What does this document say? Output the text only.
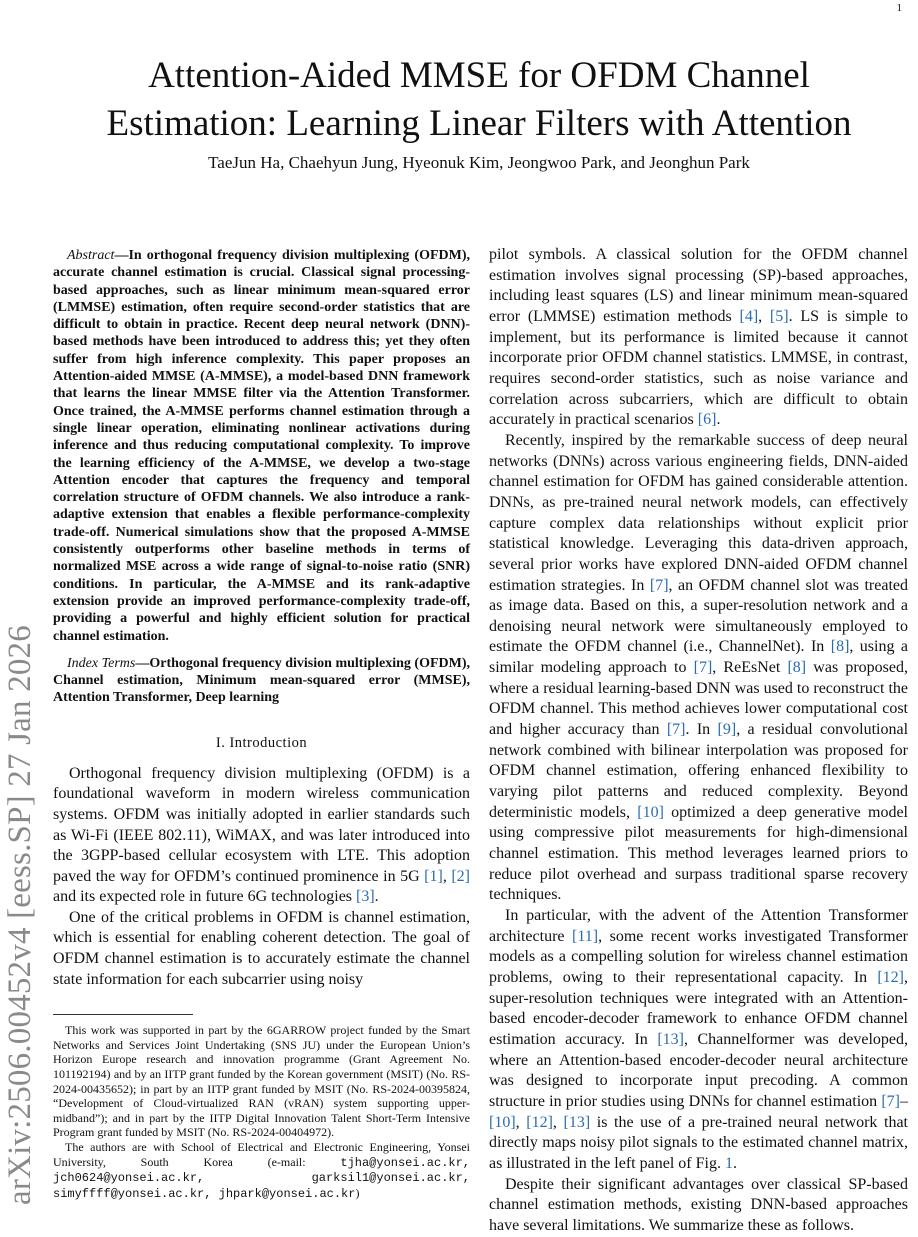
1
arXiv:2506.00452v4 [eess.SP] 27 Jan 2026
Attention-Aided MMSE for OFDM Channel
Estimation: Learning Linear Filters with Attention
TaeJun Ha, Chaehyun Jung, Hyeonuk Kim, Jeongwoo Park, and Jeonghun Park

Abstract—In orthogonal frequency division multiplexing (OFDM), accurate channel estimation is crucial. Classical signal processing-based approaches, such as linear minimum mean-squared error (LMMSE) estimation, often require second-order statistics that are difficult to obtain in practice. Recent deep neural network (DNN)-based methods have been introduced to address this; yet they often suffer from high inference complexity. This paper proposes an Attention-aided MMSE (A-MMSE), a model-based DNN framework that learns the linear MMSE filter via the Attention Transformer. Once trained, the A-MMSE performs channel estimation through a single linear operation, eliminating nonlinear activations during inference and thus reducing computational complexity. To improve the learning efficiency of the A-MMSE, we develop a two-stage Attention encoder that captures the frequency and temporal correlation structure of OFDM channels. We also introduce a rank-adaptive extension that enables a flexible performance-complexity trade-off. Numerical simulations show that the proposed A-MMSE consistently outperforms other baseline methods in terms of normalized MSE across a wide range of signal-to-noise ratio (SNR) conditions. In particular, the A-MMSE and its rank-adaptive extension provide an improved performance-complexity trade-off, providing a powerful and highly efficient solution for practical channel estimation.

Index Terms—Orthogonal frequency division multiplexing (OFDM), Channel estimation, Minimum mean-squared error (MMSE), Attention Transformer, Deep learning

I. Introduction

Orthogonal frequency division multiplexing (OFDM) is a foundational waveform in modern wireless communication systems. OFDM was initially adopted in earlier standards such as Wi-Fi (IEEE 802.11), WiMAX, and was later introduced into the 3GPP-based cellular ecosystem with LTE. This adoption paved the way for OFDM’s continued prominence in 5G [1], [2] and its expected role in future 6G technologies [3].

One of the critical problems in OFDM is channel estimation, which is essential for enabling coherent detection. The goal of OFDM channel estimation is to accurately estimate the channel state information for each subcarrier using noisy

This work was supported in part by the 6GARROW project funded by the Smart Networks and Services Joint Undertaking (SNS JU) under the European Union’s Horizon Europe research and innovation programme (Grant Agreement No. 101192194) and by an IITP grant funded by the Korean government (MSIT) (No. RS-2024-00435652); in part by an IITP grant funded by MSIT (No. RS-2024-00395824, “Development of Cloud-virtualized RAN (vRAN) system supporting upper-midband”); and in part by the IITP Digital Innovation Talent Short-Term Intensive Program grant funded by MSIT (No. RS-2024-00404972).

The authors are with School of Electrical and Electronic Engineering, Yonsei University, South Korea (e-mail: tjha@yonsei.ac.kr, jch0624@yonsei.ac.kr, garksil1@yonsei.ac.kr, simyffff@yonsei.ac.kr, jhpark@yonsei.ac.kr)

pilot symbols. A classical solution for the OFDM channel estimation involves signal processing (SP)-based approaches, including least squares (LS) and linear minimum mean-squared error (LMMSE) estimation methods [4], [5]. LS is simple to implement, but its performance is limited because it cannot incorporate prior OFDM channel statistics. LMMSE, in contrast, requires second-order statistics, such as noise variance and correlation across subcarriers, which are difficult to obtain accurately in practical scenarios [6].

Recently, inspired by the remarkable success of deep neural networks (DNNs) across various engineering fields, DNN-aided channel estimation for OFDM has gained considerable attention. DNNs, as pre-trained neural network models, can effectively capture complex data relationships without explicit prior statistical knowledge. Leveraging this data-driven approach, several prior works have explored DNN-aided OFDM channel estimation strategies. In [7], an OFDM channel slot was treated as image data. Based on this, a super-resolution network and a denoising neural network were simultaneously employed to estimate the OFDM channel (i.e., ChannelNet). In [8], using a similar modeling approach to [7], ReEsNet [8] was proposed, where a residual learning-based DNN was used to reconstruct the OFDM channel. This method achieves lower computational cost and higher accuracy than [7]. In [9], a residual convolutional network combined with bilinear interpolation was proposed for OFDM channel estimation, offering enhanced flexibility to varying pilot patterns and reduced complexity. Beyond deterministic models, [10] optimized a deep generative model using compressive pilot measurements for high-dimensional channel estimation. This method leverages learned priors to reduce pilot overhead and surpass traditional sparse recovery techniques.

In particular, with the advent of the Attention Transformer architecture [11], some recent works investigated Transformer models as a compelling solution for wireless channel estimation problems, owing to their representational capacity. In [12], super-resolution techniques were integrated with an Attention-based encoder-decoder framework to enhance OFDM channel estimation accuracy. In [13], Channelformer was developed, where an Attention-based encoder-decoder neural architecture was designed to incorporate input precoding. A common structure in prior studies using DNNs for channel estimation [7]–[10], [12], [13] is the use of a pre-trained neural network that directly maps noisy pilot signals to the estimated channel matrix, as illustrated in the left panel of Fig. 1.

Despite their significant advantages over classical SP-based channel estimation methods, existing DNN-based approaches have several limitations. We summarize these as follows.
